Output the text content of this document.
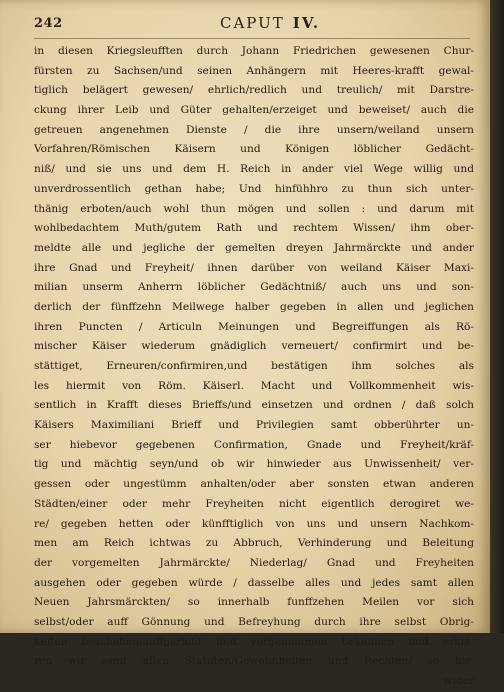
242	CAPUT IV.
in diesen Kriegsleufften durch Johann Friedrichen gewesenen Chur-
fürsten zu Sachsen/und seinen Anhängern mit Heeres-krafft gewal-
tiglich belägert gewesen/ ehrlich/redlich und treulich/ mit Darstre-
ckung ihrer Leib und Güter gehalten/erzeiget und beweiset/ auch die
getreuen angenehmen Dienste / die ihre unsern/weiland unsern
Vorfahren/Römischen Käisern und Königen löblicher Gedächt-
niß/ und sie uns und dem H. Reich in ander viel Wege willig und
unverdrossentlich gethan habe; Und hinfühhro zu thun sich unter-
thänig erboten/auch wohl thun mögen und sollen : und darum mit
wohlbedachtem Muth/gutem Rath und rechtem Wissen/ ihm ober-
meldte alle und jegliche der gemelten dreyen Jahrmärckte und ander
ihre Gnad und Freyheit/ ihnen darüber von weiland Käiser Maxi-
milian unserm Anherrn löblicher Gedächtniß/ auch uns und son-
derlich der fünffzehn Meilwege halber gegeben in allen und jeglichen
ihren Puncten / Articuln Meinungen und Begreiffungen als Rö-
mischer Käiser wiederum gnädiglich verneuert/ confirmirt und be-
stättiget, Erneuren/confirmiren,und bestätigen ihm solches als
les hiermit von Röm. Käiserl. Macht und Vollkommenheit wis-
sentlich in Krafft dieses Brieffs/und einsetzen und ordnen / daß solch
Käisers Maximiliani Brieff und Privilegien samt obberührter un-
ser hiebevor gegebenen Confirmation, Gnade und Freyheit/kräf-
tig und mächtig seyn/und ob wir hinwieder aus Unwissenheit/ ver-
gessen oder ungestümm anhalten/oder aber sonsten etwan anderen
Städten/einer oder mehr Freyheiten nicht eigentlich derogiret we-
re/ gegeben hetten oder künfftiglich von uns und unsern Nachkom-
men am Reich ichtwas zu Abbruch, Verhinderung und Beleitung
der vorgemelten Jahrmärckte/ Niederlag/ Gnad und Freyheiten
ausgehen oder gegeben würde / dasselbe alles und jedes samt allen
Neuen Jahrsmärckten/ so innerhalb funffzehen Meilen vor sich
selbst/oder auff Gönnung und Befreyhung durch ihre selbst Obrig-
keiten beschehen/auffgericht und vorgenommen bekennen und erklä-
ren wir samt allen Statuten/Gewohnheiten und Rechten/ so hir-
wider
